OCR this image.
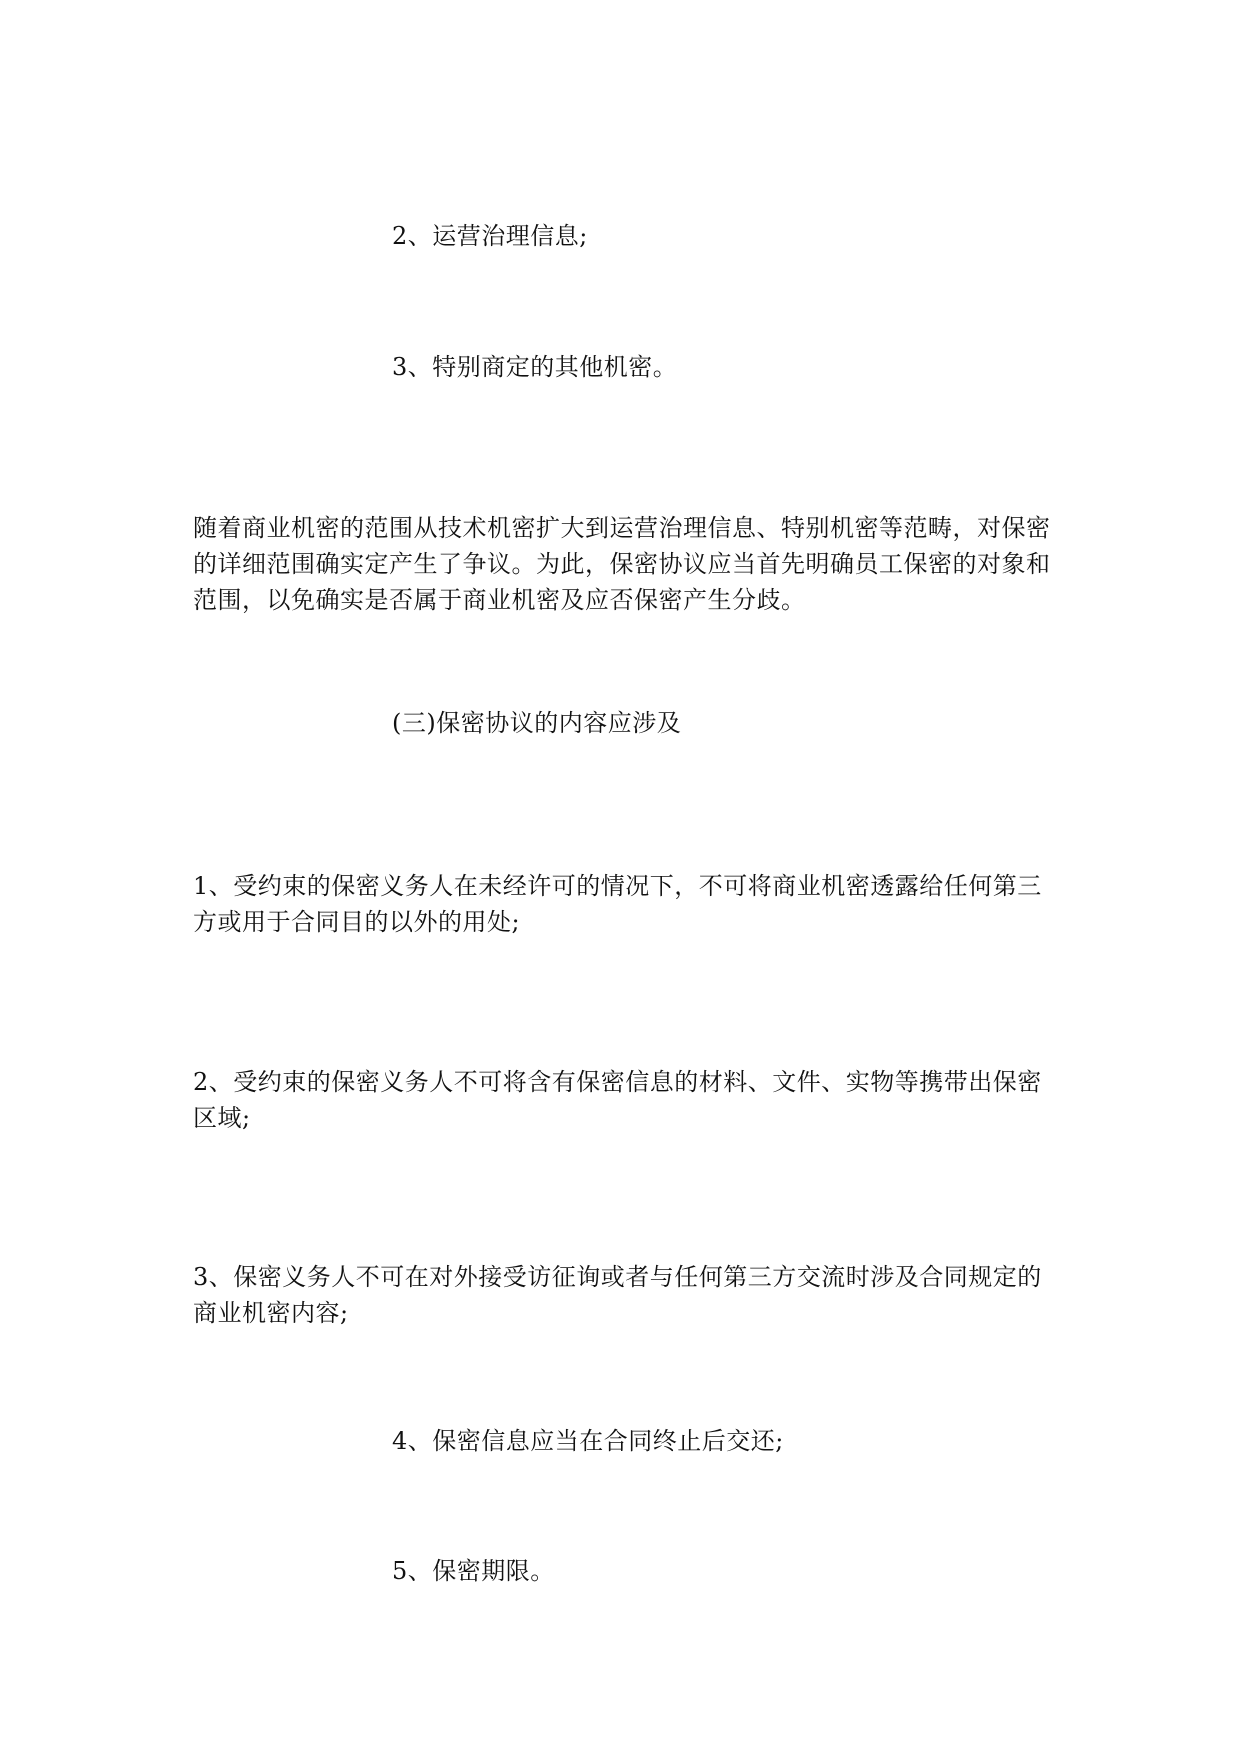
2、运营治理信息;

3、特别商定的其他机密。

随着商业机密的范围从技术机密扩大到运营治理信息、特别机密等范畴，对保密的详细范围确实定产生了争议。为此，保密协议应当首先明确员工保密的对象和范围，以免确实是否属于商业机密及应否保密产生分歧。

(三)保密协议的内容应涉及

1、受约束的保密义务人在未经许可的情况下，不可将商业机密透露给任何第三方或用于合同目的以外的用处;

2、受约束的保密义务人不可将含有保密信息的材料、文件、实物等携带出保密区域;

3、保密义务人不可在对外接受访征询或者与任何第三方交流时涉及合同规定的商业机密内容;

4、保密信息应当在合同终止后交还;

5、保密期限。
